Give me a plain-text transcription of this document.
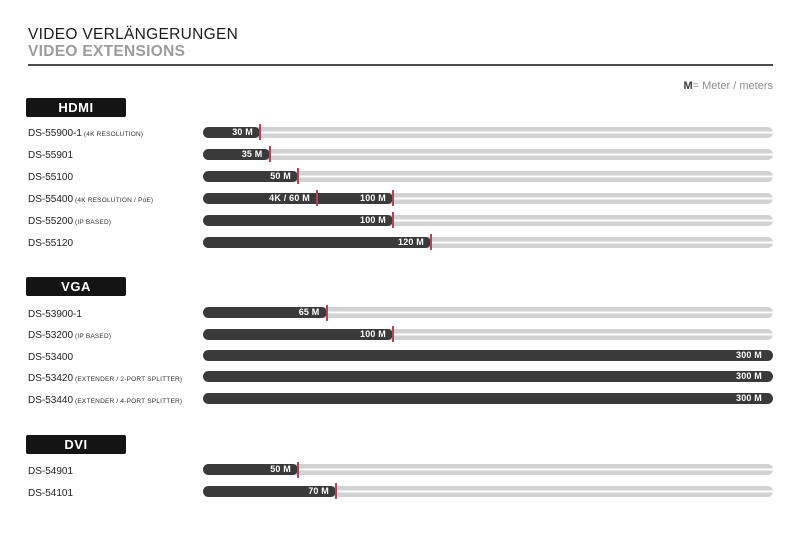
VIDEO VERLÄNGERUNGEN
VIDEO EXTENSIONS
M= Meter / meters
HDMI
DS-55900-1 (4K RESOLUTION)	30 M
DS-55901	35 M
DS-55100	50 M
DS-55400 (4K RESOLUTION / PoE)	4K / 60 M	100 M
DS-55200 (IP BASED)	100 M
DS-55120	120 M
VGA
DS-53900-1	65 M
DS-53200 (IP BASED)	100 M
DS-53400	300 M
DS-53420 (EXTENDER / 2-PORT SPLITTER)	300 M
DS-53440 (EXTENDER / 4-PORT SPLITTER)	300 M
DVI
DS-54901	50 M
DS-54101	70 M
